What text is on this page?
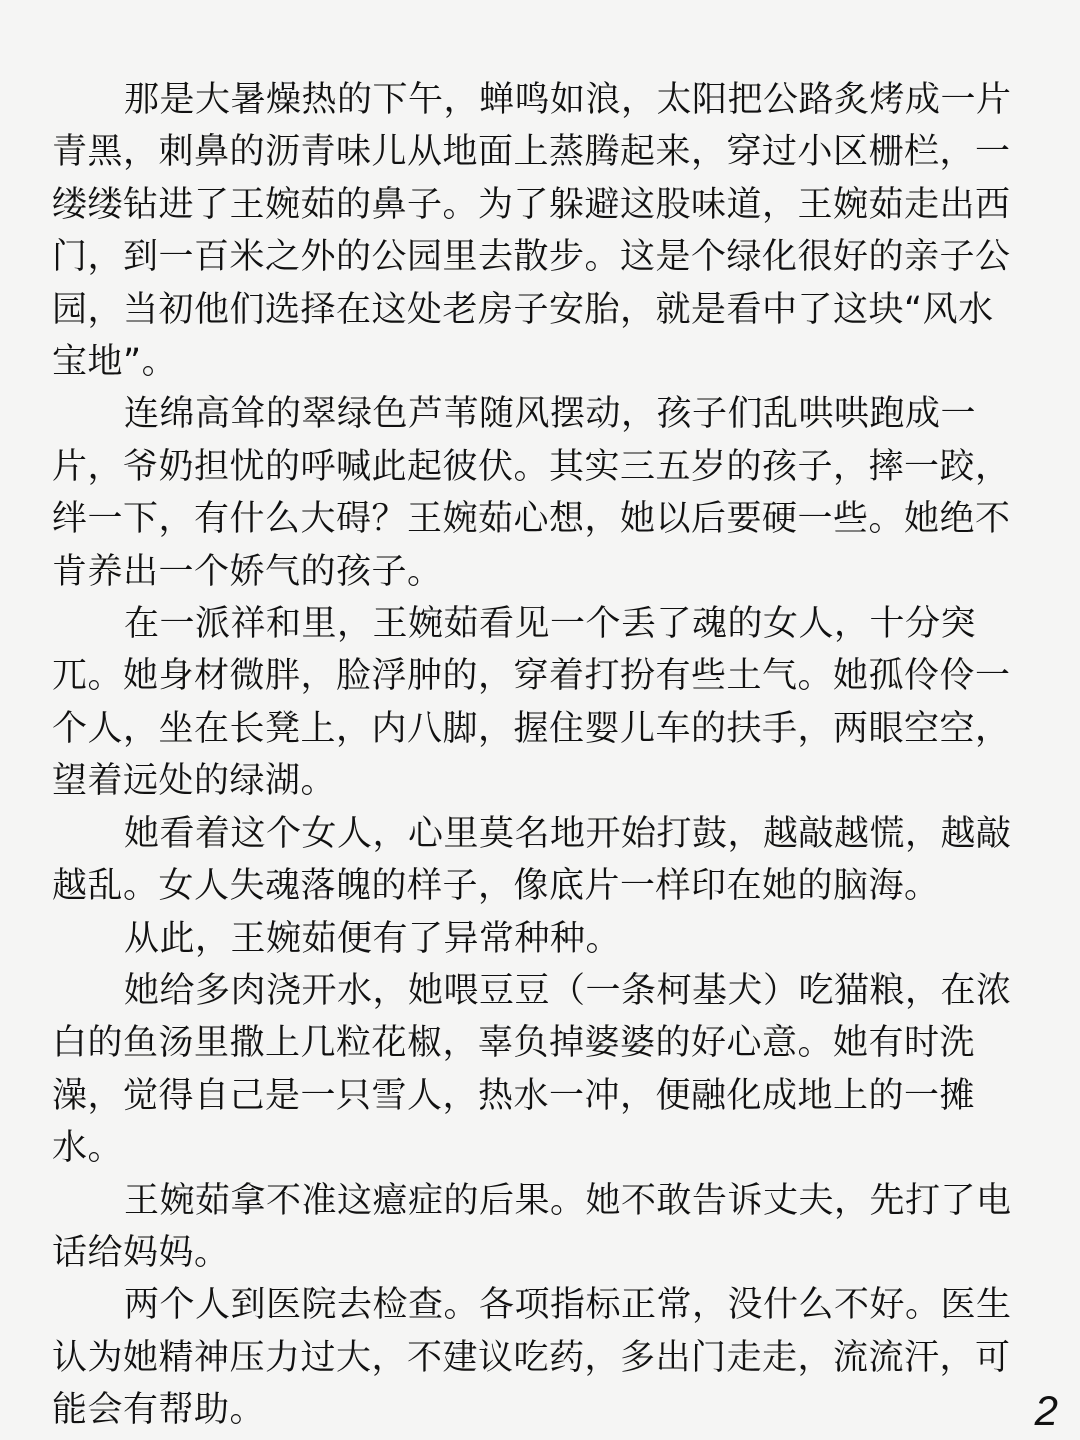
那是大暑燥热的下午，蝉鸣如浪，太阳把公路炙烤成一片青黑，刺鼻的沥青味儿从地面上蒸腾起来，穿过小区栅栏，一缕缕钻进了王婉茹的鼻子。为了躲避这股味道，王婉茹走出西门，到一百米之外的公园里去散步。这是个绿化很好的亲子公园，当初他们选择在这处老房子安胎，就是看中了这块“风水宝地”。

连绵高耸的翠绿色芦苇随风摆动，孩子们乱哄哄跑成一片，爷奶担忧的呼喊此起彼伏。其实三五岁的孩子，摔一跤，绊一下，有什么大碍？王婉茹心想，她以后要硬一些。她绝不肯养出一个娇气的孩子。

在一派祥和里，王婉茹看见一个丢了魂的女人，十分突兀。她身材微胖，脸浮肿的，穿着打扮有些土气。她孤伶伶一个人，坐在长凳上，内八脚，握住婴儿车的扶手，两眼空空，望着远处的绿湖。

她看着这个女人，心里莫名地开始打鼓，越敲越慌，越敲越乱。女人失魂落魄的样子，像底片一样印在她的脑海。

从此，王婉茹便有了异常种种。

她给多肉浇开水，她喂豆豆（一条柯基犬）吃猫粮，在浓白的鱼汤里撒上几粒花椒，辜负掉婆婆的好心意。她有时洗澡，觉得自己是一只雪人，热水一冲，便融化成地上的一摊水。

王婉茹拿不准这癔症的后果。她不敢告诉丈夫，先打了电话给妈妈。

两个人到医院去检查。各项指标正常，没什么不好。医生认为她精神压力过大，不建议吃药，多出门走走，流流汗，可能会有帮助。	2
